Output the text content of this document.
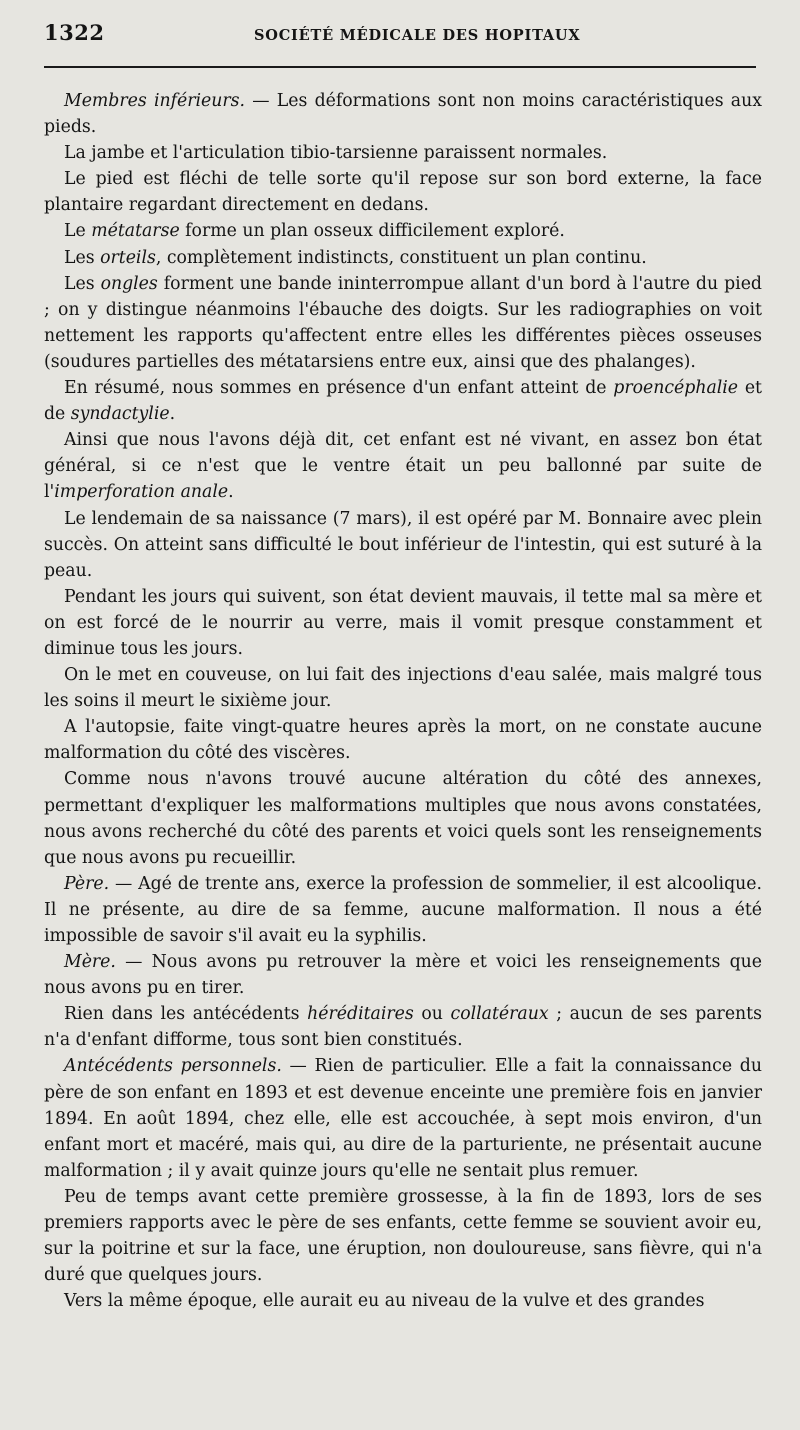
1322	SOCIÉTÉ MÉDICALE DES HOPITAUX

Membres inférieurs. — Les déformations sont non moins caractéristiques aux pieds.

La jambe et l'articulation tibio-tarsienne paraissent normales.

Le pied est fléchi de telle sorte qu'il repose sur son bord externe, la face plantaire regardant directement en dedans.

Le métatarse forme un plan osseux difficilement exploré.

Les orteils, complètement indistincts, constituent un plan continu.

Les ongles forment une bande ininterrompue allant d'un bord à l'autre du pied ; on y distingue néanmoins l'ébauche des doigts. Sur les radiographies on voit nettement les rapports qu'affectent entre elles les différentes pièces osseuses (soudures partielles des métatarsiens entre eux, ainsi que des phalanges).

En résumé, nous sommes en présence d'un enfant atteint de proencéphalie et de syndactylie.

Ainsi que nous l'avons déjà dit, cet enfant est né vivant, en assez bon état général, si ce n'est que le ventre était un peu ballonné par suite de l'imperforation anale.

Le lendemain de sa naissance (7 mars), il est opéré par M. Bonnaire avec plein succès. On atteint sans difficulté le bout inférieur de l'intestin, qui est suturé à la peau.

Pendant les jours qui suivent, son état devient mauvais, il tette mal sa mère et on est forcé de le nourrir au verre, mais il vomit presque constamment et diminue tous les jours.

On le met en couveuse, on lui fait des injections d'eau salée, mais malgré tous les soins il meurt le sixième jour.

A l'autopsie, faite vingt-quatre heures après la mort, on ne constate aucune malformation du côté des viscères.

Comme nous n'avons trouvé aucune altération du côté des annexes, permettant d'expliquer les malformations multiples que nous avons constatées, nous avons recherché du côté des parents et voici quels sont les renseignements que nous avons pu recueillir.

Père. — Agé de trente ans, exerce la profession de sommelier, il est alcoolique. Il ne présente, au dire de sa femme, aucune malformation. Il nous a été impossible de savoir s'il avait eu la syphilis.

Mère. — Nous avons pu retrouver la mère et voici les renseignements que nous avons pu en tirer.

Rien dans les antécédents héréditaires ou collatéraux ; aucun de ses parents n'a d'enfant difforme, tous sont bien constitués.

Antécédents personnels. — Rien de particulier. Elle a fait la connaissance du père de son enfant en 1893 et est devenue enceinte une première fois en janvier 1894. En août 1894, chez elle, elle est accouchée, à sept mois environ, d'un enfant mort et macéré, mais qui, au dire de la parturiente, ne présentait aucune malformation ; il y avait quinze jours qu'elle ne sentait plus remuer.

Peu de temps avant cette première grossesse, à la fin de 1893, lors de ses premiers rapports avec le père de ses enfants, cette femme se souvient avoir eu, sur la poitrine et sur la face, une éruption, non douloureuse, sans fièvre, qui n'a duré que quelques jours.

Vers la même époque, elle aurait eu au niveau de la vulve et des grandes
